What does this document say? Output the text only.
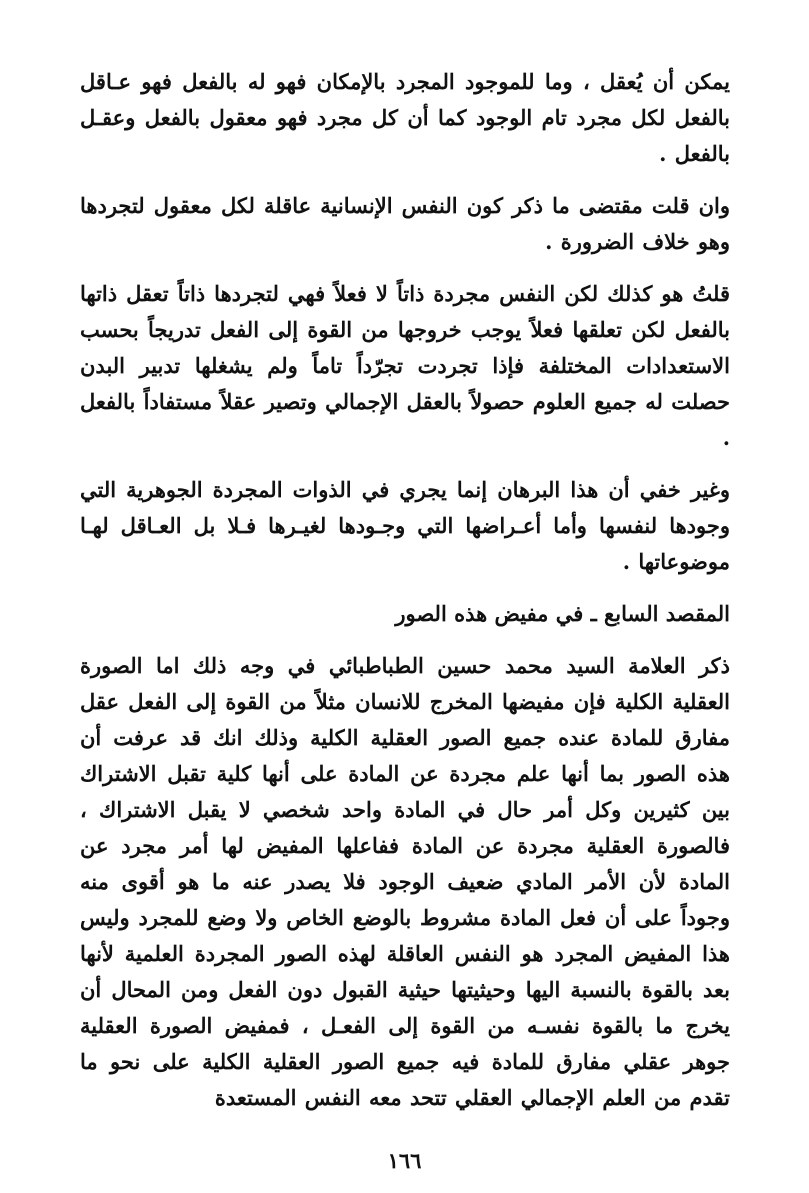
يمكن أن يُعقل ، وما للموجود المجرد بالإمكان فهو له بالفعل فهو عـاقل بالفعل لكل مجرد تام الوجود كما أن كل مجرد فهو معقول بالفعل وعقـل بالفعل .

وان قلت مقتضى ما ذكر كون النفس الإنسانية عاقلة لكل معقول لتجردها وهو خلاف الضرورة .

قلتُ هو كذلك لكن النفس مجردة ذاتاً لا فعلاً فهي لتجردها ذاتاً تعقل ذاتها بالفعل لكن تعلقها فعلاً يوجب خروجها من القوة إلى الفعل تدريجاً بحسب الاستعدادات المختلفة فإذا تجردت تجرّداً تاماً ولم يشغلها تدبير البدن حصلت له جميع العلوم حصولاً بالعقل الإجمالي وتصير عقلاً مستفاداً بالفعل .

وغير خفي أن هذا البرهان إنما يجري في الذوات المجردة الجوهرية التي وجودها لنفسها وأما أعـراضها التي وجـودها لغيـرها فـلا بل العـاقل لهـا موضوعاتها .

المقصد السابع ـ في مفيض هذه الصور

ذكر العلامة السيد محمد حسين الطباطبائي في وجه ذلك اما الصورة العقلية الكلية فإن مفيضها المخرج للانسان مثلاً من القوة إلى الفعل عقل مفارق للمادة عنده جميع الصور العقلية الكلية وذلك انك قد عرفت أن هذه الصور بما أنها علم مجردة عن المادة على أنها كلية تقبل الاشتراك بين كثيرين وكل أمر حال في المادة واحد شخصي لا يقبل الاشتراك ، فالصورة العقلية مجردة عن المادة ففاعلها المفيض لها أمر مجرد عن المادة لأن الأمر المادي ضعيف الوجود فلا يصدر عنه ما هو أقوى منه وجوداً على أن فعل المادة مشروط بالوضع الخاص ولا وضع للمجرد وليس هذا المفيض المجرد هو النفس العاقلة لهذه الصور المجردة العلمية لأنها بعد بالقوة بالنسبة اليها وحيثيتها حيثية القبول دون الفعل ومن المحال أن يخرج ما بالقوة نفسـه من القوة إلى الفعـل ، فمفيض الصورة العقلية جوهر عقلي مفارق للمادة فيه جميع الصور العقلية الكلية على نحو ما تقدم من العلم الإجمالي العقلي تتحد معه النفس المستعدة

١٦٦
